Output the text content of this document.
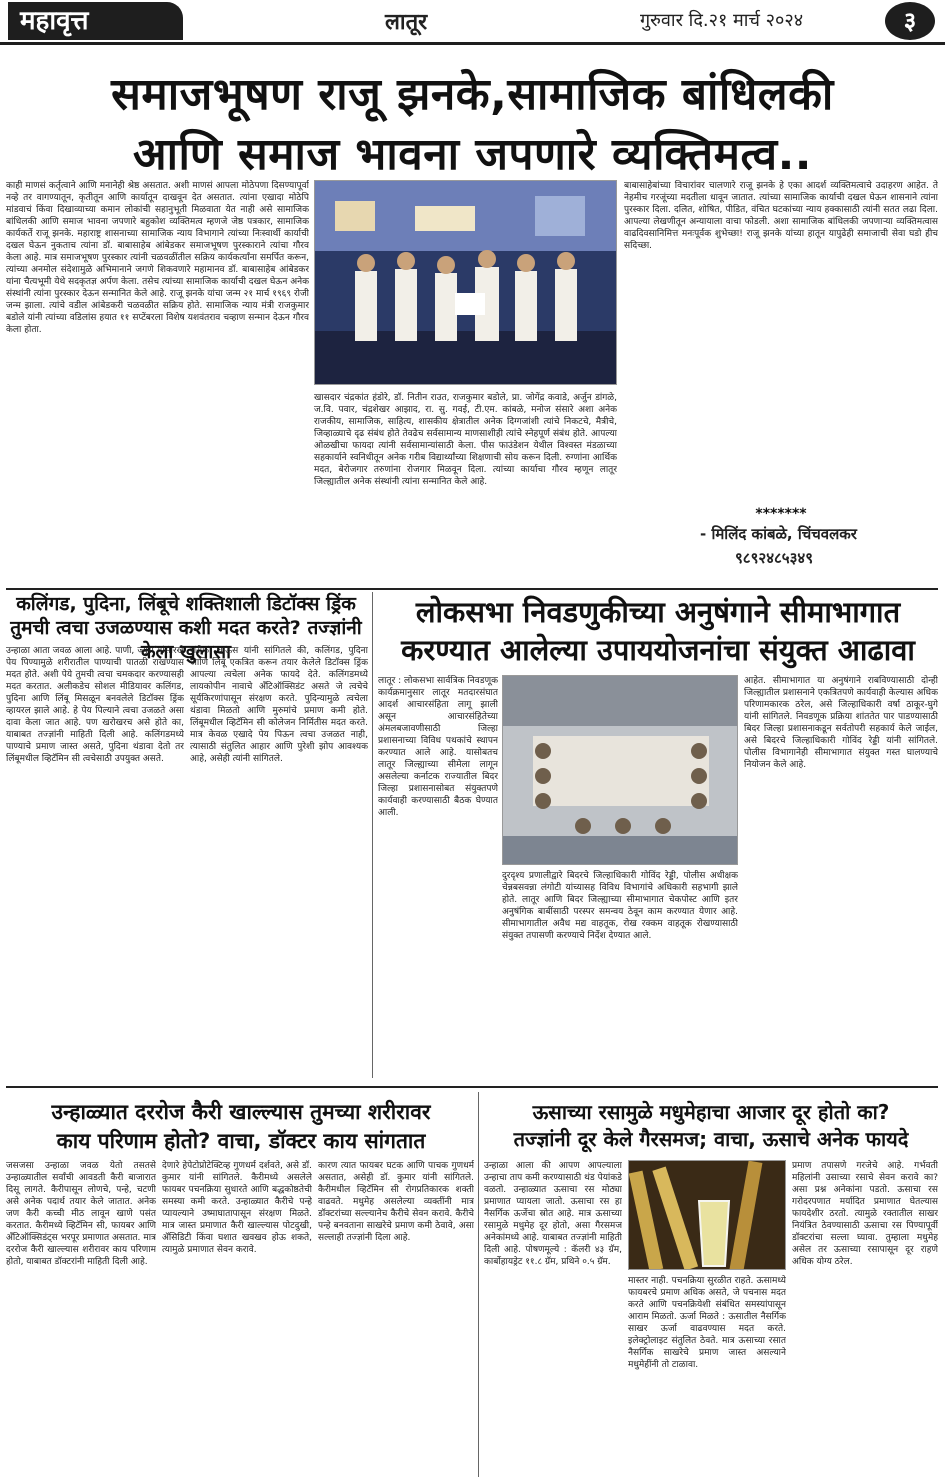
महावृत्त	लातूर	गुरुवार दि.२१ मार्च २०२४	३
समाजभूषण राजू झनके,सामाजिक बांधिलकी
आणि समाज भावना जपणारे व्यक्तिमत्व..
काही माणसं कर्तृत्वाने आणि मनानेही श्रेष्ठ असतात. अशी माणसं आपला मोठेपणा दिसण्यापूर्वा नव्हे तर वागण्यातून, कृतीतून आणि कार्यातून दाखवून देत असतात. त्यांना एखादा मोठेपि मांडवाचं किंवा दिखाव्याच्या कमान लोकांची सहानुभूती मिळवाता येत नाही असे सामाजिक बांधिलकी आणि समाज भावना जपणारे बहुकोश व्यक्तिमत्व म्हणजे जेष्ठ पत्रकार, सामाजिक कार्यकर्ते राजू झनके. महाराष्ट्र शासनाच्या सामाजिक न्याय विभागाने त्यांच्या निःस्वार्थी कार्याची दखल घेऊन नुकताच त्यांना डॉ. बाबासाहेब आंबेडकर समाजभूषण पुरस्काराने त्यांचा गौरव केला आहे. मात्र समाजभूषण पुरस्कार त्यांनी चळवळींतील सक्रिय कार्यकर्त्यांना समर्पित करून, त्यांच्या अनमोल संदेशामुळे अभिमानाने जगणे शिकवणारे महामानव डॉ. बाबासाहेब आंबेडकर यांना चैत्यभूमी येथे सदकृतज्ञ अर्पण केला. तसेच त्यांच्या सामाजिक कार्याची दखल घेऊन अनेक संस्थांनी त्यांना पुरस्कार देऊन सन्मानित केले आहे. राजू झनके यांचा जन्म २१ मार्च १९६९ रोजी जन्म झाला. त्यांचे वडील आंबेडकरी चळवळीत सक्रिय होते. सामाजिक न्याय मंत्री राजकुमार बडोले यांनी त्यांच्या वडिलांस हयात ११ सप्टेंबरला विशेष यशवंतराव चव्हाण सन्मान देऊन गौरव केला होता.
खासदार चंद्रकांत हंडोरे, डॉ. नितीन राउत, राजकुमार बडोले, प्रा. जोगेंद्र कवाडे, अर्जुन डांगळे, ज.वि. पवार, चंद्रशेखर आझाद, रा. सु. गवई, टी.एम. कांबळे, मनोज संसारे अशा अनेक राजकीय, सामाजिक, साहित्य, शासकीय क्षेत्रातील अनेक दिग्गजांशी त्यांचे निकटचे, मैत्रीचे, जिव्हाळ्याचे दृढ संबंध होते तेवढेच सर्वसामान्य माणसाशीही त्यांचे स्नेहपूर्ण संबंध होते. आपल्या ओळखीचा फायदा त्यांनी सर्वसामान्यांसाठी केला. पीस फाउंडेशन येथील विश्वस्त मंडळाच्या सहकार्याने स्वनिधीतून अनेक गरीब विद्यार्थ्यांच्या शिक्षणाची सोय करून दिली. रुग्णांना आर्थिक मदत, बेरोजगार तरुणांना रोजगार मिळवून दिला. त्यांच्या कार्याचा गौरव म्हणून लातूर जिल्ह्यातील अनेक संस्थांनी त्यांना सन्मानित केले आहे.
बाबासाहेबांच्या विचारांवर चालणारे राजू झनके हे एका आदर्श व्यक्तिमत्वाचे उदाहरण आहेत. ते नेहमीच गरजूंच्या मदतीला धावून जातात. त्यांच्या सामाजिक कार्याची दखल घेऊन शासनाने त्यांना पुरस्कार दिला. दलित, शोषित, पीडित, वंचित घटकांच्या न्याय हक्कासाठी त्यांनी सतत लढा दिला. आपल्या लेखणीतून अन्यायाला वाचा फोडली. अशा सामाजिक बांधिलकी जपणाऱ्या व्यक्तिमत्वास वाढदिवसानिमित्त मनःपूर्वक शुभेच्छा! राजू झनके यांच्या हातून यापुढेही समाजाची सेवा घडो हीच सदिच्छा.
*******
- मिलिंद कांबळे, चिंचवलकर
९८९२४८५३४९
कलिंगड, पुदिना, लिंबूचे शक्तिशाली डिटॉक्स ड्रिंक तुमची त्वचा उजळण्यास कशी मदत करते? तज्ज्ञांनी केला खुलासा
उन्हाळा आता जवळ आला आहे. पाणी, ज्यूस यांसारखे पेय पिण्यामुळे शरीरातील पाण्याची पातळी राखण्यास मदत होते. अशी पेये तुमची त्वचा चमकदार करण्यासही मदत करतात. अलीकडेच सोशल मीडियावर कलिंगड, पुदिना आणि लिंबू मिसळून बनवलेले डिटॉक्स ड्रिंक व्हायरल झाले आहे. हे पेय पिल्याने त्वचा उजळते असा दावा केला जात आहे. पण खरोखरच असे होते का, याबाबत तज्ज्ञांनी माहिती दिली आहे. कलिंगडमध्ये पाण्याचे प्रमाण जास्त असते, पुदिना थंडावा देतो तर लिंबूमधील व्हिटॅमिन सी त्वचेसाठी उपयुक्त असते.
शरीफा चाऊस यांनी सांगितले की, कलिंगड, पुदिना आणि लिंबू एकत्रित करून तयार केलेले डिटॉक्स ड्रिंक आपल्या त्वचेला अनेक फायदे देते. कलिंगडमध्ये लायकोपीन नावाचे अँटिऑक्सिडंट असते जे त्वचेचे सूर्यकिरणांपासून संरक्षण करते. पुदिन्यामुळे त्वचेला थंडावा मिळतो आणि मुरुमांचे प्रमाण कमी होते. लिंबूमधील व्हिटॅमिन सी कोलेजन निर्मितीस मदत करते. मात्र केवळ एखादे पेय पिऊन त्वचा उजळत नाही, त्यासाठी संतुलित आहार आणि पुरेशी झोप आवश्यक आहे, असेही त्यांनी सांगितले.
लोकसभा निवडणुकीच्या अनुषंगाने सीमाभागात करण्यात आलेल्या उपाययोजनांचा संयुक्त आढावा
लातूर : लोकसभा सार्वत्रिक निवडणूक कार्यक्रमानुसार लातूर मतदारसंघात आदर्श आचारसंहिता लागू झाली असून आचारसंहितेच्या अंमलबजावणीसाठी जिल्हा प्रशासनाच्या विविध पथकांचे स्थापन करण्यात आले आहे. यासोबतच लातूर जिल्ह्याच्या सीमेला लागून असलेल्या कर्नाटक राज्यातील बिदर जिल्हा प्रशासनासोबत संयुक्तपणे कार्यवाही करण्यासाठी बैठक घेण्यात आली.
दुरदृश्य प्रणालीद्वारे बिदरचे जिल्हाधिकारी गोविंद रेड्डी, पोलीस अधीक्षक चेन्नबसवन्ना लंगोटी यांच्यासह विविध विभागांचे अधिकारी सहभागी झाले होते. लातूर आणि बिदर जिल्ह्याच्या सीमाभागात चेकपोस्ट आणि इतर अनुषंगिक बाबींसाठी परस्पर समन्वय ठेवून काम करण्यात येणार आहे. सीमाभागातील अवैध मद्य वाहतूक, रोख रक्कम वाहतूक रोखण्यासाठी संयुक्त तपासणी करण्याचे निर्देश देण्यात आले.
आहेत. सीमाभागात या अनुषंगाने राबविण्यासाठी दोन्ही जिल्ह्यातील प्रशासनाने एकत्रितपणे कार्यवाही केल्यास अधिक परिणामकारक ठरेल, असे जिल्हाधिकारी वर्षा ठाकूर-घुगे यांनी सांगितले. निवडणूक प्रक्रिया शांततेत पार पाडण्यासाठी बिदर जिल्हा प्रशासनाकडून सर्वतोपरी सहकार्य केले जाईल, असे बिदरचे जिल्हाधिकारी गोविंद रेड्डी यांनी सांगितले. पोलीस विभागानेही सीमाभागात संयुक्त गस्त घालण्याचे नियोजन केले आहे.
उन्हाळ्यात दररोज कैरी खाल्ल्यास तुमच्या शरीरावर
काय परिणाम होतो? वाचा, डॉक्टर काय सांगतात
जसजसा उन्हाळा जवळ येतो तसतसे उन्हाळ्यातील सर्वांची आवडती कैरी बाजारात दिसू लागते. कैरीपासून लोणचे, पन्हे, चटणी असे अनेक पदार्थ तयार केले जातात. अनेक जण कैरी कच्ची मीठ लावून खाणे पसंत करतात. कैरीमध्ये व्हिटॅमिन सी, फायबर आणि अँटिऑक्सिडंट्स भरपूर प्रमाणात असतात. मात्र दररोज कैरी खाल्ल्यास शरीरावर काय परिणाम होतो, याबाबत डॉक्टरांनी माहिती दिली आहे.
देणारे हेपेटोप्रोटेक्टिव्ह गुणधर्म दर्शवते, असे डॉ. कुमार यांनी सांगितले. कैरीमध्ये असलेले फायबर पचनक्रिया सुधारते आणि बद्धकोष्ठतेची समस्या कमी करते. उन्हाळ्यात कैरीचे पन्हे प्यायल्याने उष्माघातापासून संरक्षण मिळते. मात्र जास्त प्रमाणात कैरी खाल्ल्यास पोटदुखी, ॲसिडिटी किंवा घशात खवखव होऊ शकते, त्यामुळे प्रमाणात सेवन करावे.
कारण त्यात फायबर घटक आणि पाचक गुणधर्म असतात, असेही डॉ. कुमार यांनी सांगितले. कैरीमधील व्हिटॅमिन सी रोगप्रतिकारक शक्ती वाढवते. मधुमेह असलेल्या व्यक्तींनी मात्र डॉक्टरांच्या सल्ल्यानेच कैरीचे सेवन करावे. कैरीचे पन्हे बनवताना साखरेचे प्रमाण कमी ठेवावे, असा सल्लाही तज्ज्ञांनी दिला आहे.
ऊसाच्या रसामुळे मधुमेहाचा आजार दूर होतो का?
तज्ज्ञांनी दूर केले गैरसमज; वाचा, ऊसाचे अनेक फायदे
उन्हाळा आला की आपण आपल्याला उन्हाचा ताप कमी करण्यासाठी थंड पेयांकडे वळतो. उन्हाळ्यात ऊसाचा रस मोठ्या प्रमाणात प्यायला जातो. ऊसाचा रस हा नैसर्गिक ऊर्जेचा स्रोत आहे. मात्र ऊसाच्या रसामुळे मधुमेह दूर होतो, असा गैरसमज अनेकांमध्ये आहे. याबाबत तज्ज्ञांनी माहिती दिली आहे. पोषणमूल्ये : कॅलरी ४३ ग्रॅम, कार्बोहायड्रेट ११.८ ग्रॅम, प्रथिने ०.५ ग्रॅम.
मास्तर नाही. पचनक्रिया सुरळीत राहते. ऊसामध्ये फायबरचे प्रमाण अधिक असते, जे पचनास मदत करते आणि पचनक्रियेशी संबंधित समस्यांपासून आराम मिळतो. ऊर्जा मिळते : ऊसातील नैसर्गिक साखर ऊर्जा वाढवण्यास मदत करते. इलेक्ट्रोलाइट संतुलित ठेवते. मात्र ऊसाच्या रसात नैसर्गिक साखरेचे प्रमाण जास्त असल्याने मधुमेहींनी तो टाळावा.
प्रमाण तपासणे गरजेचे आहे. गर्भवती महिलांनी उसाच्या रसाचे सेवन करावे का? असा प्रश्न अनेकांना पडतो. ऊसाचा रस गरोदरपणात मर्यादित प्रमाणात घेतल्यास फायदेशीर ठरतो. त्यामुळे रक्तातील साखर नियंत्रित ठेवण्यासाठी ऊसाचा रस पिण्यापूर्वी डॉक्टरांचा सल्ला घ्यावा. तुम्हाला मधुमेह असेल तर ऊसाच्या रसापासून दूर राहणे अधिक योग्य ठरेल.
